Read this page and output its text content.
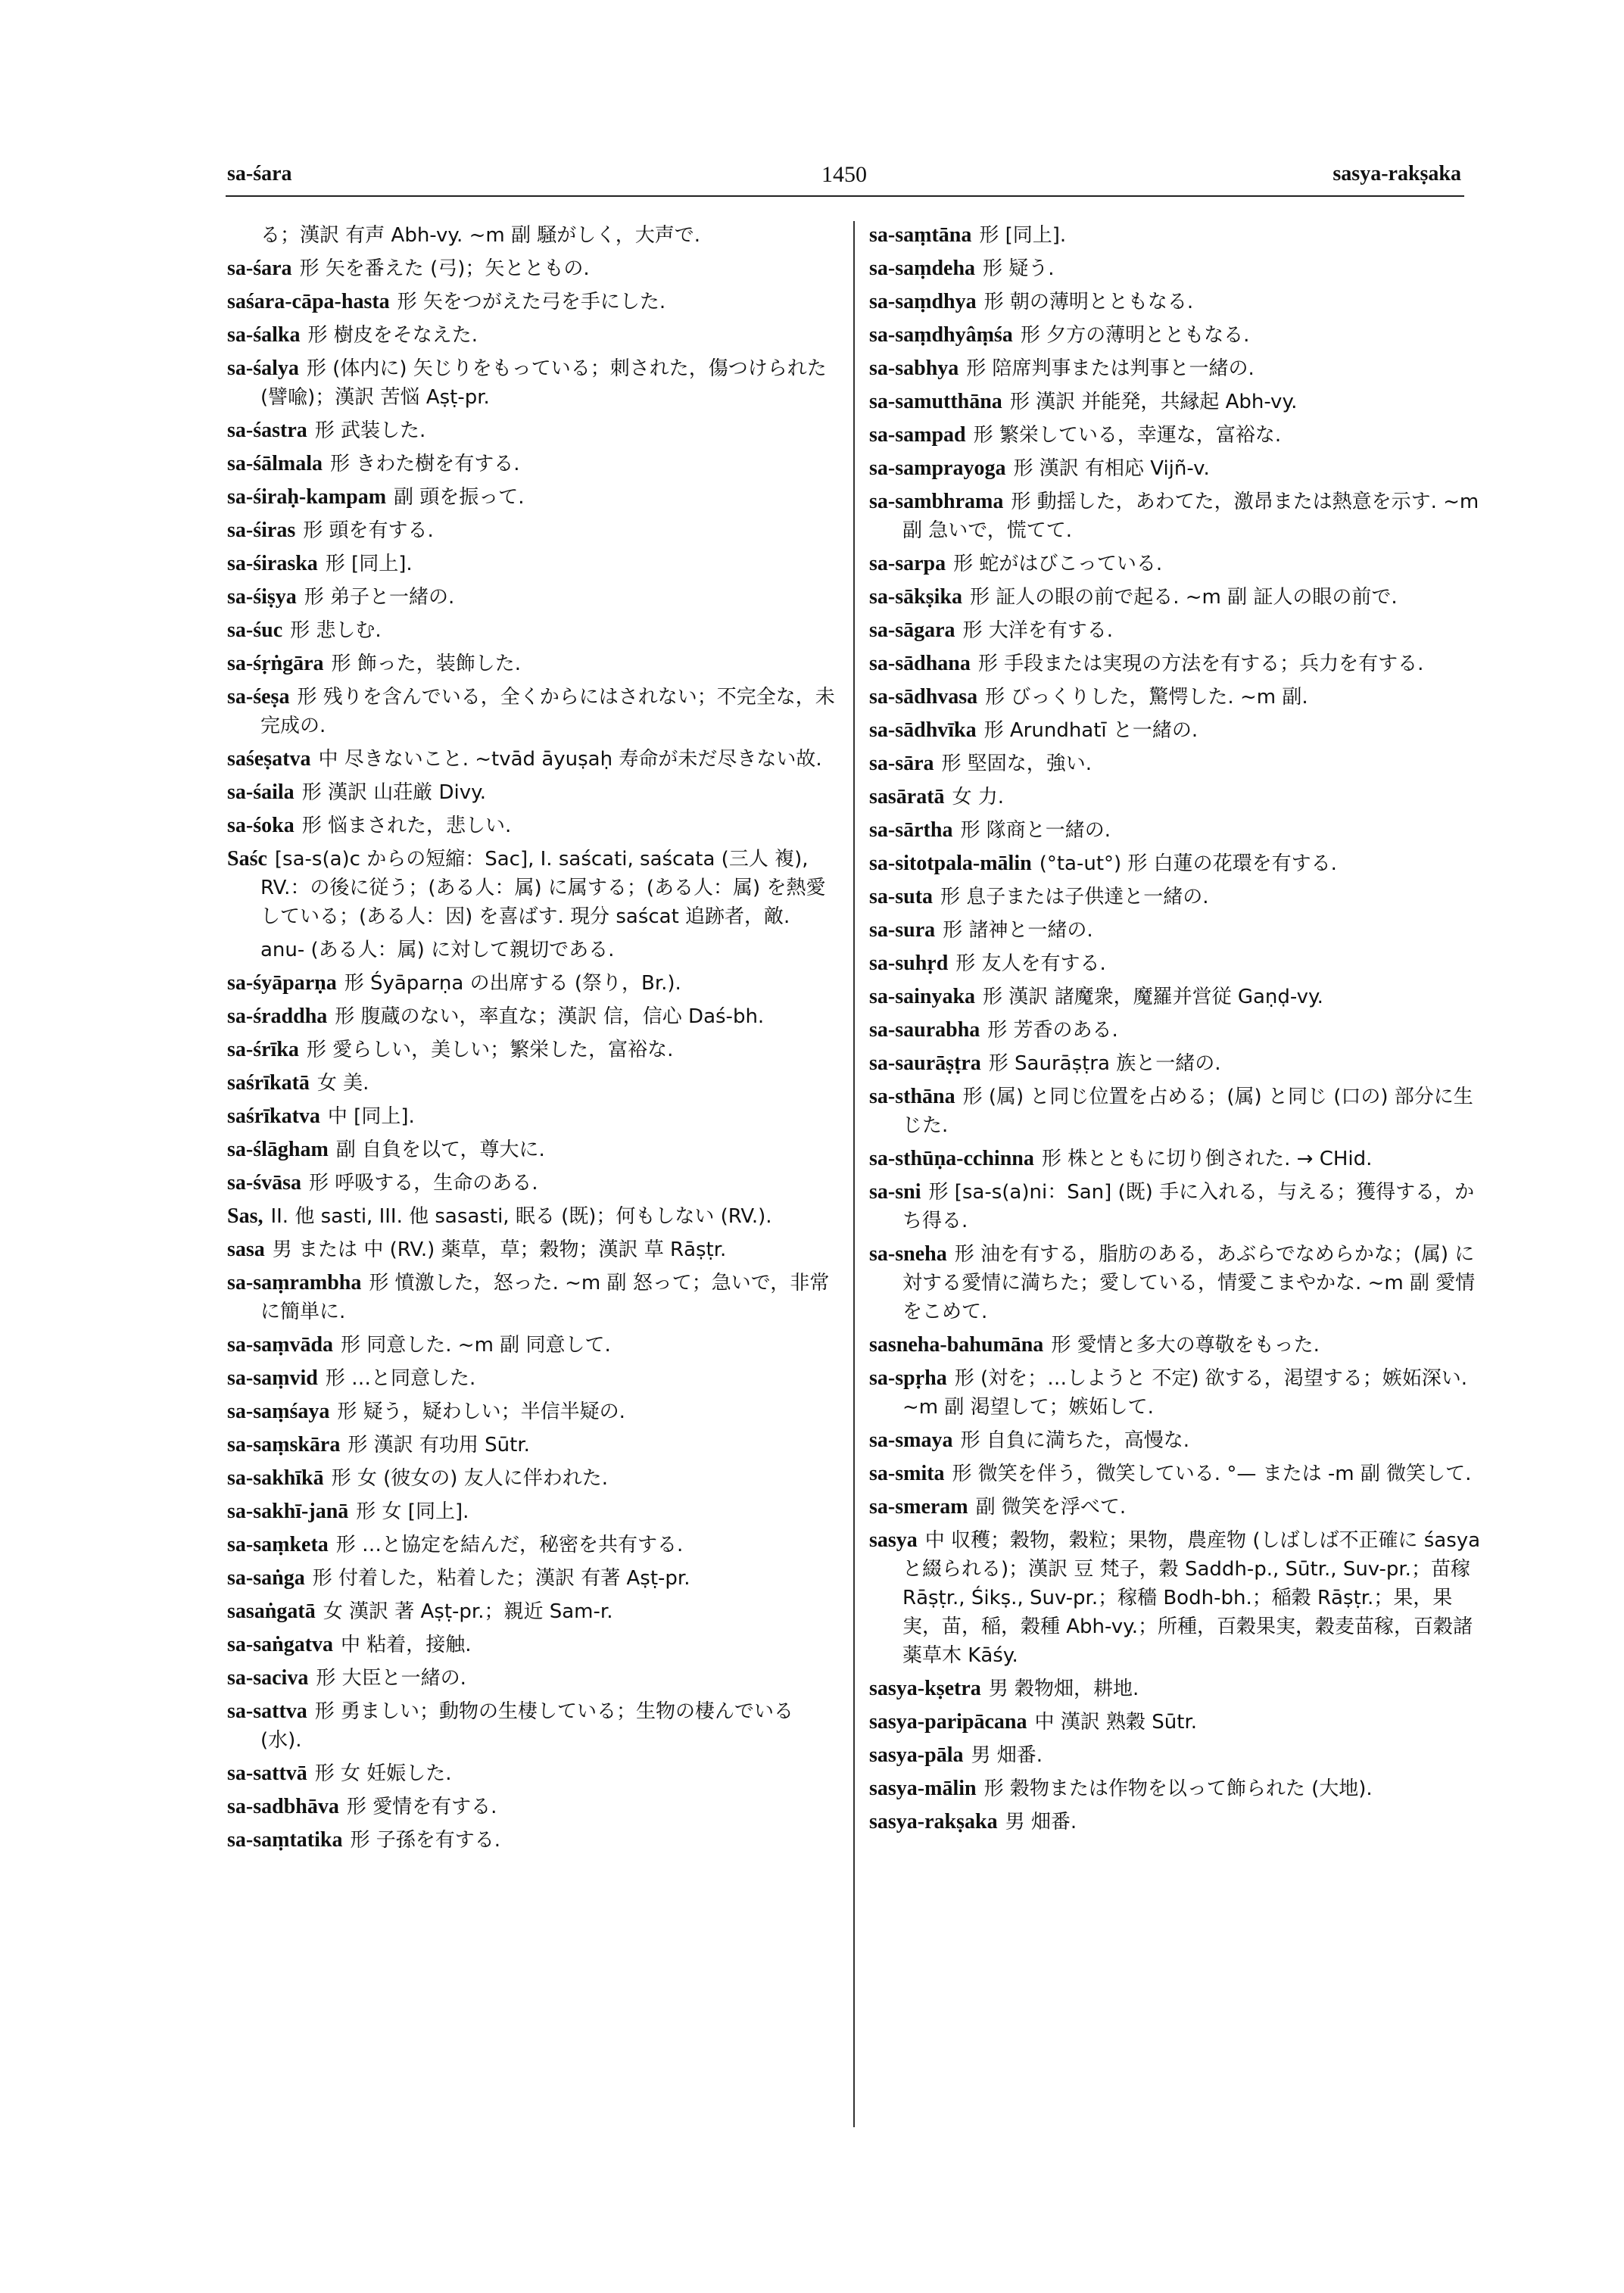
sa-śara	1450	sasya-rakṣaka

る；漢訳 有声 Abh-vy. ~m 副 騒がしく，大声で.

sa-śara 形 矢を番えた (弓)；矢とともの.

saśara-cāpa-hasta 形 矢をつがえた弓を手にした.

sa-śalka 形 樹皮をそなえた.

sa-śalya 形 (体内に) 矢じりをもっている；刺された，傷つけられた (譬喩)；漢訳 苦悩 Aṣṭ-pr.

sa-śastra 形 武装した.

sa-śālmala 形 きわた樹を有する.

sa-śiraḥ-kampam 副 頭を振って.

sa-śiras 形 頭を有する.

sa-śiraska 形 [同上].

sa-śiṣya 形 弟子と一緒の.

sa-śuc 形 悲しむ.

sa-śṛṅgāra 形 飾った，装飾した.

sa-śeṣa 形 残りを含んでいる，全くからにはされない；不完全な，未完成の.

saśeṣatva 中 尽きないこと. ~tvād āyuṣaḥ 寿命が未だ尽きない故.

sa-śaila 形 漢訳 山荘厳 Divy.

sa-śoka 形 悩まされた，悲しい.

Saśc [sa-s(a)c からの短縮：Sac], I. saścati, saścata (三人 複), RV.：の後に従う；(ある人：属) に属する；(ある人：属) を熱愛している；(ある人：因) を喜ばす. 現分 saścat 追跡者，敵.

anu- (ある人：属) に対して親切である.

sa-śyāparṇa 形 Śyāparṇa の出席する (祭り，Br.).

sa-śraddha 形 腹蔵のない，率直な；漢訳 信，信心 Daś-bh.

sa-śrīka 形 愛らしい，美しい；繁栄した，富裕な.

saśrīkatā 女 美.

saśrīkatva 中 [同上].

sa-ślāgham 副 自負を以て，尊大に.

sa-śvāsa 形 呼吸する，生命のある.

Sas, II. 他 sasti, III. 他 sasasti, 眠る (既)；何もしない (RV.).

sasa 男 または 中 (RV.) 薬草，草；穀物；漢訳 草 Rāṣṭr.

sa-saṃrambha 形 憤激した，怒った. ~m 副 怒って；急いで，非常に簡単に.

sa-saṃvāda 形 同意した. ~m 副 同意して.

sa-saṃvid 形 …と同意した.

sa-saṃśaya 形 疑う，疑わしい；半信半疑の.

sa-saṃskāra 形 漢訳 有功用 Sūtr.

sa-sakhīkā 形 女 (彼女の) 友人に伴われた.

sa-sakhī-janā 形 女 [同上].

sa-saṃketa 形 …と協定を結んだ，秘密を共有する.

sa-saṅga 形 付着した，粘着した；漢訳 有著 Aṣṭ-pr.

sasaṅgatā 女 漢訳 著 Aṣṭ-pr.；親近 Sam-r.

sa-saṅgatva 中 粘着，接触.

sa-saciva 形 大臣と一緒の.

sa-sattva 形 勇ましい；動物の生棲している；生物の棲んでいる (水).

sa-sattvā 形 女 妊娠した.

sa-sadbhāva 形 愛情を有する.

sa-saṃtatika 形 子孫を有する.

sa-saṃtāna 形 [同上].

sa-saṃdeha 形 疑う.

sa-saṃdhya 形 朝の薄明とともなる.

sa-saṃdhyâṃśa 形 夕方の薄明とともなる.

sa-sabhya 形 陪席判事または判事と一緒の.

sa-samutthāna 形 漢訳 并能発，共縁起 Abh-vy.

sa-sampad 形 繁栄している，幸運な，富裕な.

sa-samprayoga 形 漢訳 有相応 Vijñ-v.

sa-sambhrama 形 動揺した，あわてた，激昂または熱意を示す. ~m 副 急いで，慌てて.

sa-sarpa 形 蛇がはびこっている.

sa-sākṣika 形 証人の眼の前で起る. ~m 副 証人の眼の前で.

sa-sāgara 形 大洋を有する.

sa-sādhana 形 手段または実現の方法を有する；兵力を有する.

sa-sādhvasa 形 びっくりした，驚愕した. ~m 副.

sa-sādhvīka 形 Arundhatī と一緒の.

sa-sāra 形 堅固な，強い.

sasāratā 女 力.

sa-sārtha 形 隊商と一緒の.

sa-sitotpala-mālin (°ta-ut°) 形 白蓮の花環を有する.

sa-suta 形 息子または子供達と一緒の.

sa-sura 形 諸神と一緒の.

sa-suhṛd 形 友人を有する.

sa-sainyaka 形 漢訳 諸魔衆，魔羅并営従 Gaṇḍ-vy.

sa-saurabha 形 芳香のある.

sa-saurāṣṭra 形 Saurāṣṭra 族と一緒の.

sa-sthāna 形 (属) と同じ位置を占める；(属) と同じ (口の) 部分に生じた.

sa-sthūṇa-cchinna 形 株とともに切り倒された. → CHid.

sa-sni 形 [sa-s(a)ni：San] (既) 手に入れる，与える；獲得する，かち得る.

sa-sneha 形 油を有する，脂肪のある，あぶらでなめらかな；(属) に対する愛情に満ちた；愛している，情愛こまやかな. ~m 副 愛情をこめて.

sasneha-bahumāna 形 愛情と多大の尊敬をもった.

sa-spṛha 形 (対を；…しようと 不定) 欲する，渇望する；嫉妬深い. ~m 副 渇望して；嫉妬して.

sa-smaya 形 自負に満ちた，高慢な.

sa-smita 形 微笑を伴う，微笑している. °— または -m 副 微笑して.

sa-smeram 副 微笑を浮べて.

sasya 中 収穫；穀物，穀粒；果物，農産物 (しばしば不正確に śasya と綴られる)；漢訳 豆 梵子，穀 Saddh-p., Sūtr., Suv-pr.；苗稼 Rāṣṭr., Śikṣ., Suv-pr.；稼穡 Bodh-bh.；稲穀 Rāṣṭr.；果，果実，苗，稲，穀種 Abh-vy.；所種，百穀果実，穀麦苗稼，百穀諸薬草木 Kāśy.

sasya-kṣetra 男 穀物畑，耕地.

sasya-paripācana 中 漢訳 熟穀 Sūtr.

sasya-pāla 男 畑番.

sasya-mālin 形 穀物または作物を以って飾られた (大地).

sasya-rakṣaka 男 畑番.
